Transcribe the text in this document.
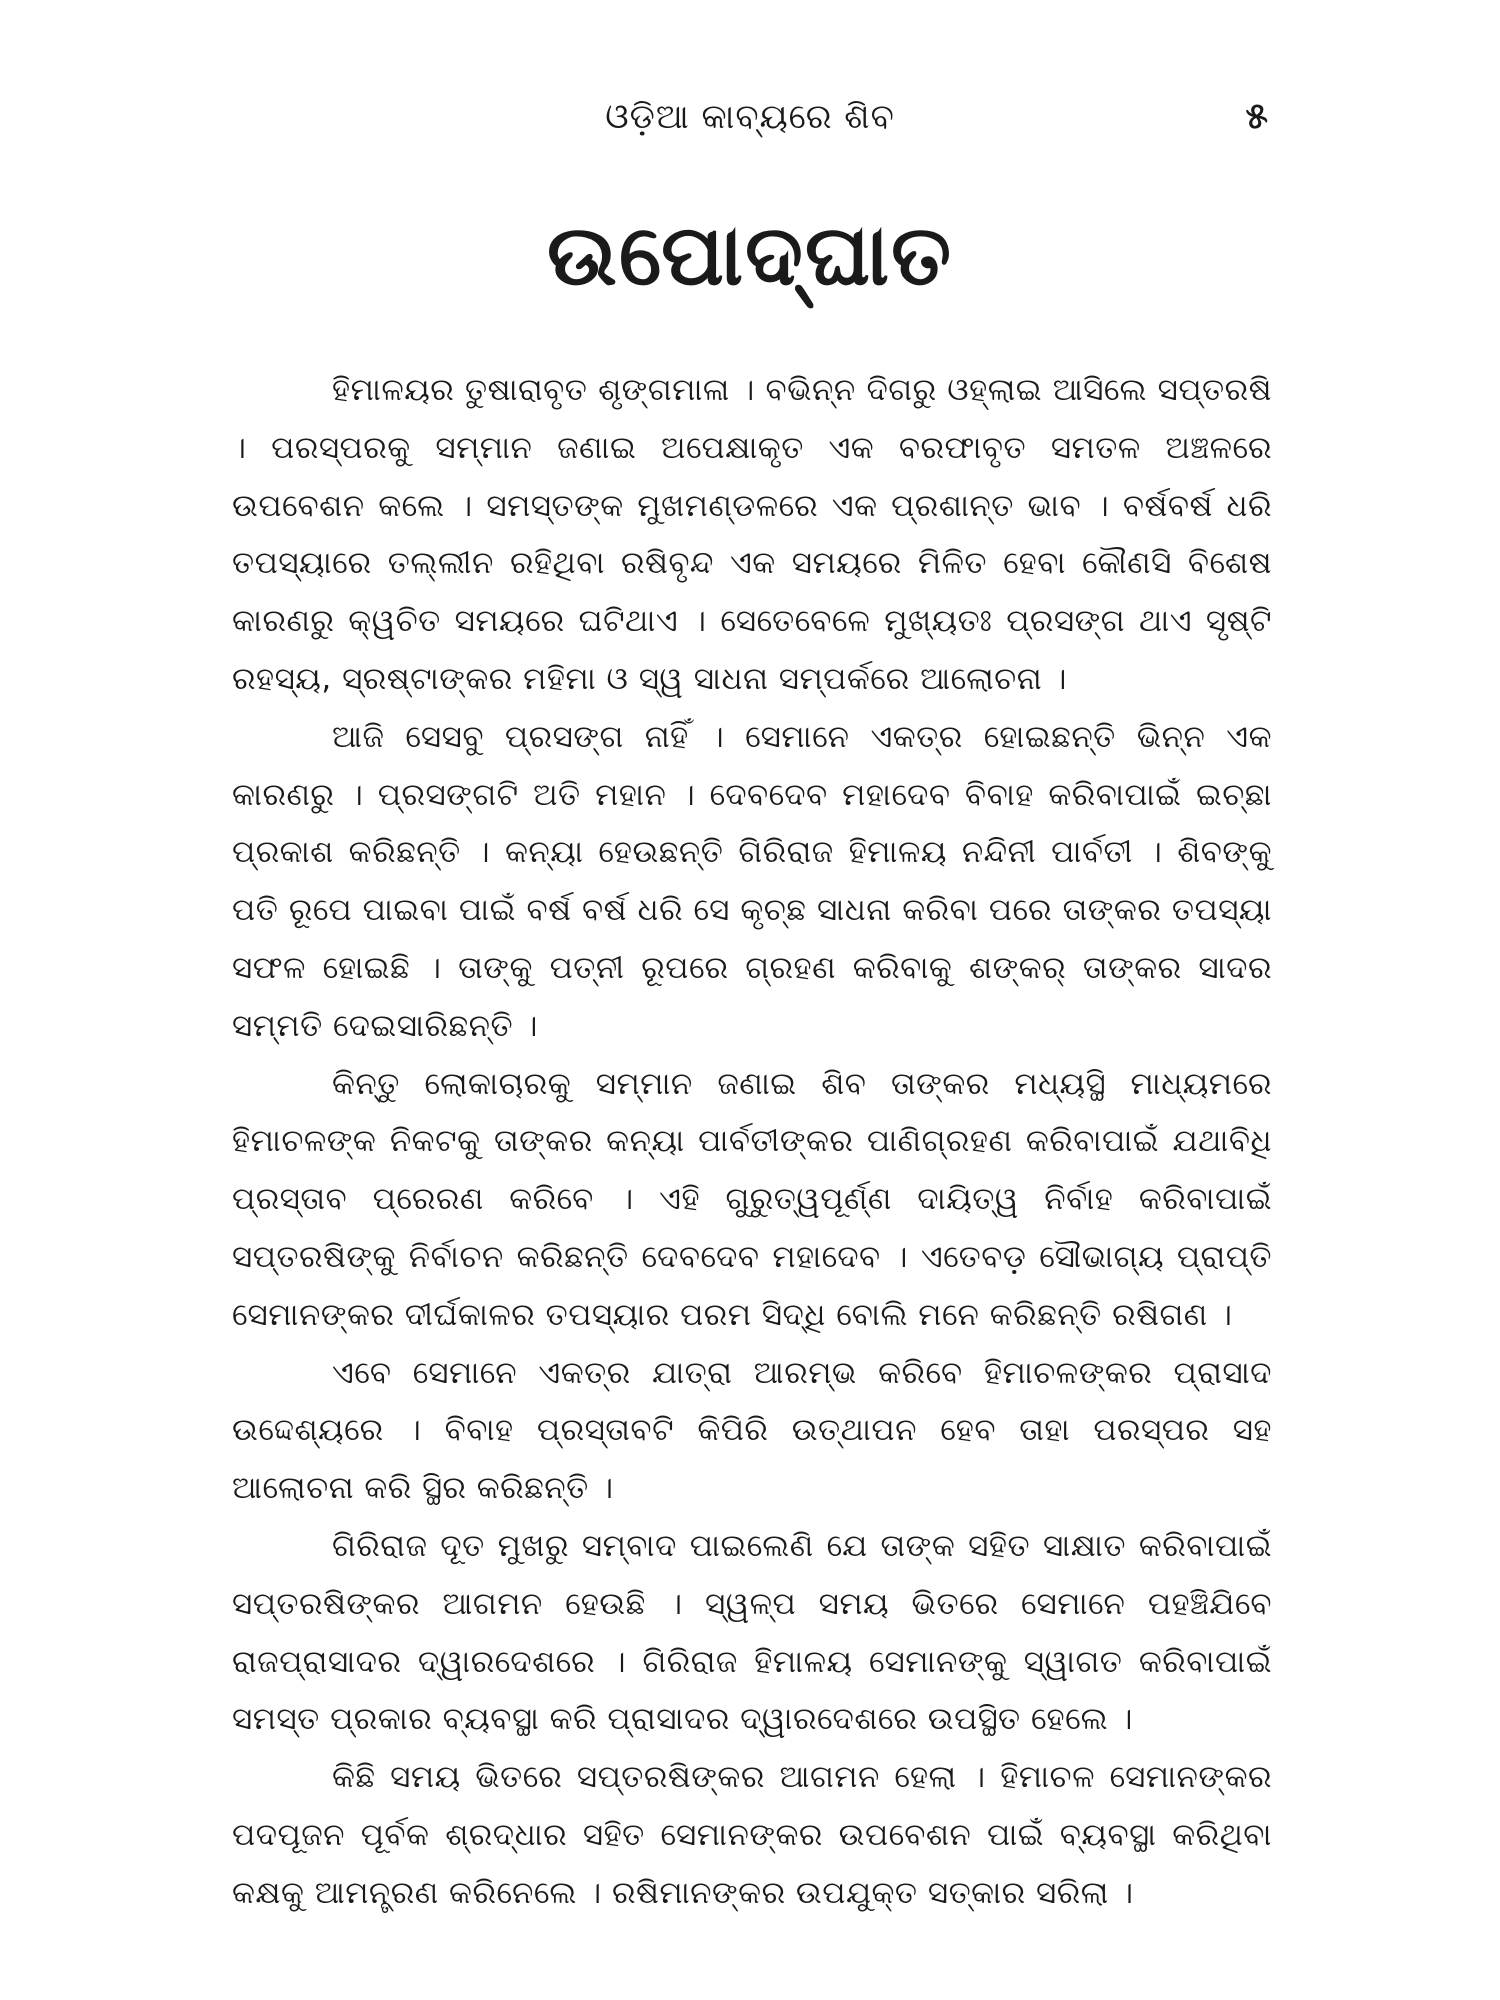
ଓଡ଼ିଆ କାବ୍ୟରେ ଶିବ	୫
ଉପୋଦ୍‌ଘାତ

ହିମାଳୟର ତୁଷାରାବୃତ ଶୃଙ୍ଗମାଳା । ବଭିନ୍ନ ଦିଗରୁ ଓହ୍ଲାଇ ଆସିଲେ ସପ୍ତରଷି । ପରସ୍ପରକୁ ସମ୍ମାନ ଜଣାଇ ଅପେକ୍ଷାକୃତ ଏକ ବରଫାବୃତ ସମତଳ ଅଞ୍ଚଳରେ ଉପବେଶନ କଲେ । ସମସ୍ତଙ୍କ ମୁଖମଣ୍ଡଳରେ ଏକ ପ୍ରଶାନ୍ତ ଭାବ । ବର୍ଷବର୍ଷ ଧରି ତପସ୍ୟାରେ ତଲ୍ଲୀନ ରହିଥିବା ରଷିବୃନ୍ଦ ଏକ ସମୟରେ ମିଳିତ ହେବା କୌଣସି ବିଶେଷ କାରଣରୁ କ୍ୱଚିତ ସମୟରେ ଘଟିଥାଏ । ସେତେବେଳେ ମୁଖ୍ୟତଃ ପ୍ରସଙ୍ଗ ଥାଏ ସୃଷ୍ଟି ରହସ୍ୟ, ସ୍ରଷ୍ଟାଙ୍କର ମହିମା ଓ ସ୍ୱ ସାଧନା ସମ୍ପର୍କରେ ଆଲୋଚନା ।

ଆଜି ସେସବୁ ପ୍ରସଙ୍ଗ ନାହିଁ । ସେମାନେ ଏକତ୍ର ହୋଇଛନ୍ତି ଭିନ୍ନ ଏକ କାରଣରୁ । ପ୍ରସଙ୍ଗଟି ଅତି ମହାନ । ଦେବଦେବ ମହାଦେବ ବିବାହ କରିବାପାଇଁ ଇଚ୍ଛା ପ୍ରକାଶ କରିଛନ୍ତି । କନ୍ୟା ହେଉଛନ୍ତି ଗିରିରାଜ ହିମାଳୟ ନନ୍ଦିନୀ ପାର୍ବତୀ । ଶିବଙ୍କୁ ପତି ରୂପେ ପାଇବା ପାଇଁ ବର୍ଷ ବର୍ଷ ଧରି ସେ କୃଚ୍ଛ ସାଧନା କରିବା ପରେ ତାଙ୍କର ତପସ୍ୟା ସଫଳ ହୋଇଛି । ତାଙ୍କୁ ପତ୍ନୀ ରୂପରେ ଗ୍ରହଣ କରିବାକୁ ଶଙ୍କର୍‌ ତାଙ୍କର ସାଦର ସମ୍ମତି ଦେଇସାରିଛନ୍ତି ।

କିନ୍ତୁ ଲୋକାଚାରକୁ ସମ୍ମାନ ଜଣାଇ ଶିବ ତାଙ୍କର ମଧ୍ୟସ୍ଥି ମାଧ୍ୟମରେ ହିମାଚଳଙ୍କ ନିକଟକୁ ତାଙ୍କର କନ୍ୟା ପାର୍ବତୀଙ୍କର ପାଣିଗ୍ରହଣ କରିବାପାଇଁ ଯଥାବିଧି ପ୍ରସ୍ତାବ ପ୍ରେରଣ କରିବେ । ଏହି ଗୁରୁତ୍ୱପୂର୍ଣ୍ଣ ଦାୟିତ୍ୱ ନିର୍ବାହ କରିବାପାଇଁ ସପ୍ତରଷିଙ୍କୁ ନିର୍ବାଚନ କରିଛନ୍ତି ଦେବଦେବ ମହାଦେବ । ଏତେବଡ଼ ସୌଭାଗ୍ୟ ପ୍ରାପ୍ତି ସେମାନଙ୍କର ଦୀର୍ଘକାଳର ତପସ୍ୟାର ପରମ ସିଦ୍ଧି ବୋଲି ମନେ କରିଛନ୍ତି ରଷିଗଣ ।

ଏବେ ସେମାନେ ଏକତ୍ର ଯାତ୍ରା ଆରମ୍ଭ କରିବେ ହିମାଚଳଙ୍କର ପ୍ରାସାଦ ଉଦ୍ଦେଶ୍ୟରେ । ବିବାହ ପ୍ରସ୍ତାବଟି କିପିରି ଉତ୍‌ଥାପନ ହେବ ତାହା ପରସ୍ପର ସହ ଆଲୋଚନା କରି ସ୍ଥିର କରିଛନ୍ତି ।

ଗିରିରାଜ ଦୂତ ମୁଖରୁ ସମ୍ବାଦ ପାଇଲେଣି ଯେ ତାଙ୍କ ସହିତ ସାକ୍ଷାତ କରିବାପାଇଁ ସପ୍ତରଷିଙ୍କର ଆଗମନ ହେଉଛି । ସ୍ୱଳ୍ପ ସମୟ ଭିତରେ ସେମାନେ ପହଞ୍ଚିଯିବେ ରାଜପ୍ରାସାଦର ଦ୍ୱାରଦେଶରେ । ଗିରିରାଜ ହିମାଳୟ ସେମାନଙ୍କୁ ସ୍ୱାଗତ କରିବାପାଇଁ ସମସ୍ତ ପ୍ରକାର ବ୍ୟବସ୍ଥା କରି ପ୍ରାସାଦର ଦ୍ୱାରଦେଶରେ ଉପସ୍ଥିତ ହେଲେ ।

କିଛି ସମୟ ଭିତରେ ସପ୍ତରଷିଙ୍କର ଆଗମନ ହେଲା । ହିମାଚଳ ସେମାନଙ୍କର ପଦପୂଜନ ପୂର୍ବକ ଶ୍ରଦ୍ଧାର ସହିତ ସେମାନଙ୍କର ଉପବେଶନ ପାଇଁ ବ୍ୟବସ୍ଥା କରିଥିବା କକ୍ଷକୁ ଆମନ୍ତ୍ରଣ କରିନେଲେ । ରଷିମାନଙ୍କର ଉପଯୁକ୍ତ ସତ୍କାର ସରିଲା ।
